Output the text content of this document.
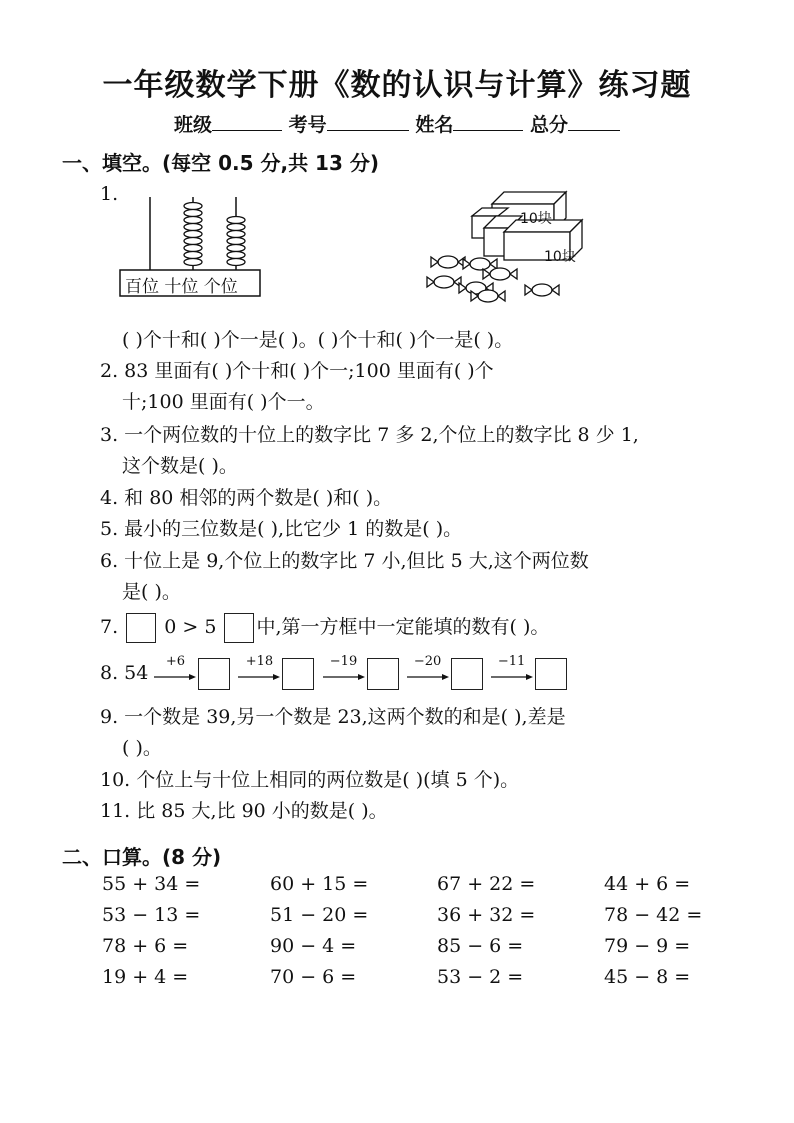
一年级数学下册《数的认识与计算》练习题
班级	考号	姓名	总分
一、填空。(每空 0.5 分,共 13 分)
1.
百位 十位 个位
10块
10块
( )个十和( )个一是( )。( )个十和( )个一是( )。
2. 83 里面有( )个十和( )个一;100 里面有( )个
十;100 里面有( )个一。
3. 一个两位数的十位上的数字比 7 多 2,个位上的数字比 8 少 1,
这个数是( )。
4. 和 80 相邻的两个数是( )和( )。
5. 最小的三位数是( ),比它少 1 的数是( )。
6. 十位上是 9,个位上的数字比 7 小,但比 5 大,这个两位数
是( )。
7. 0 > 5 中,第一方框中一定能填的数有( )。
8. 54
+6
	+18
	−19
	−20
	−11
9. 一个数是 39,另一个数是 23,这两个数的和是( ),差是
( )。
10. 个位上与十位上相同的两位数是( )(填 5 个)。
11. 比 85 大,比 90 小的数是( )。
二、口算。(8 分)
55 + 34 =	60 + 15 =	67 + 22 =	44 + 6 =
53 − 13 =	51 − 20 =	36 + 32 =	78 − 42 =
78 + 6 =	90 − 4 =	85 − 6 =	79 − 9 =
19 + 4 =	70 − 6 =	53 − 2 =	45 − 8 =
